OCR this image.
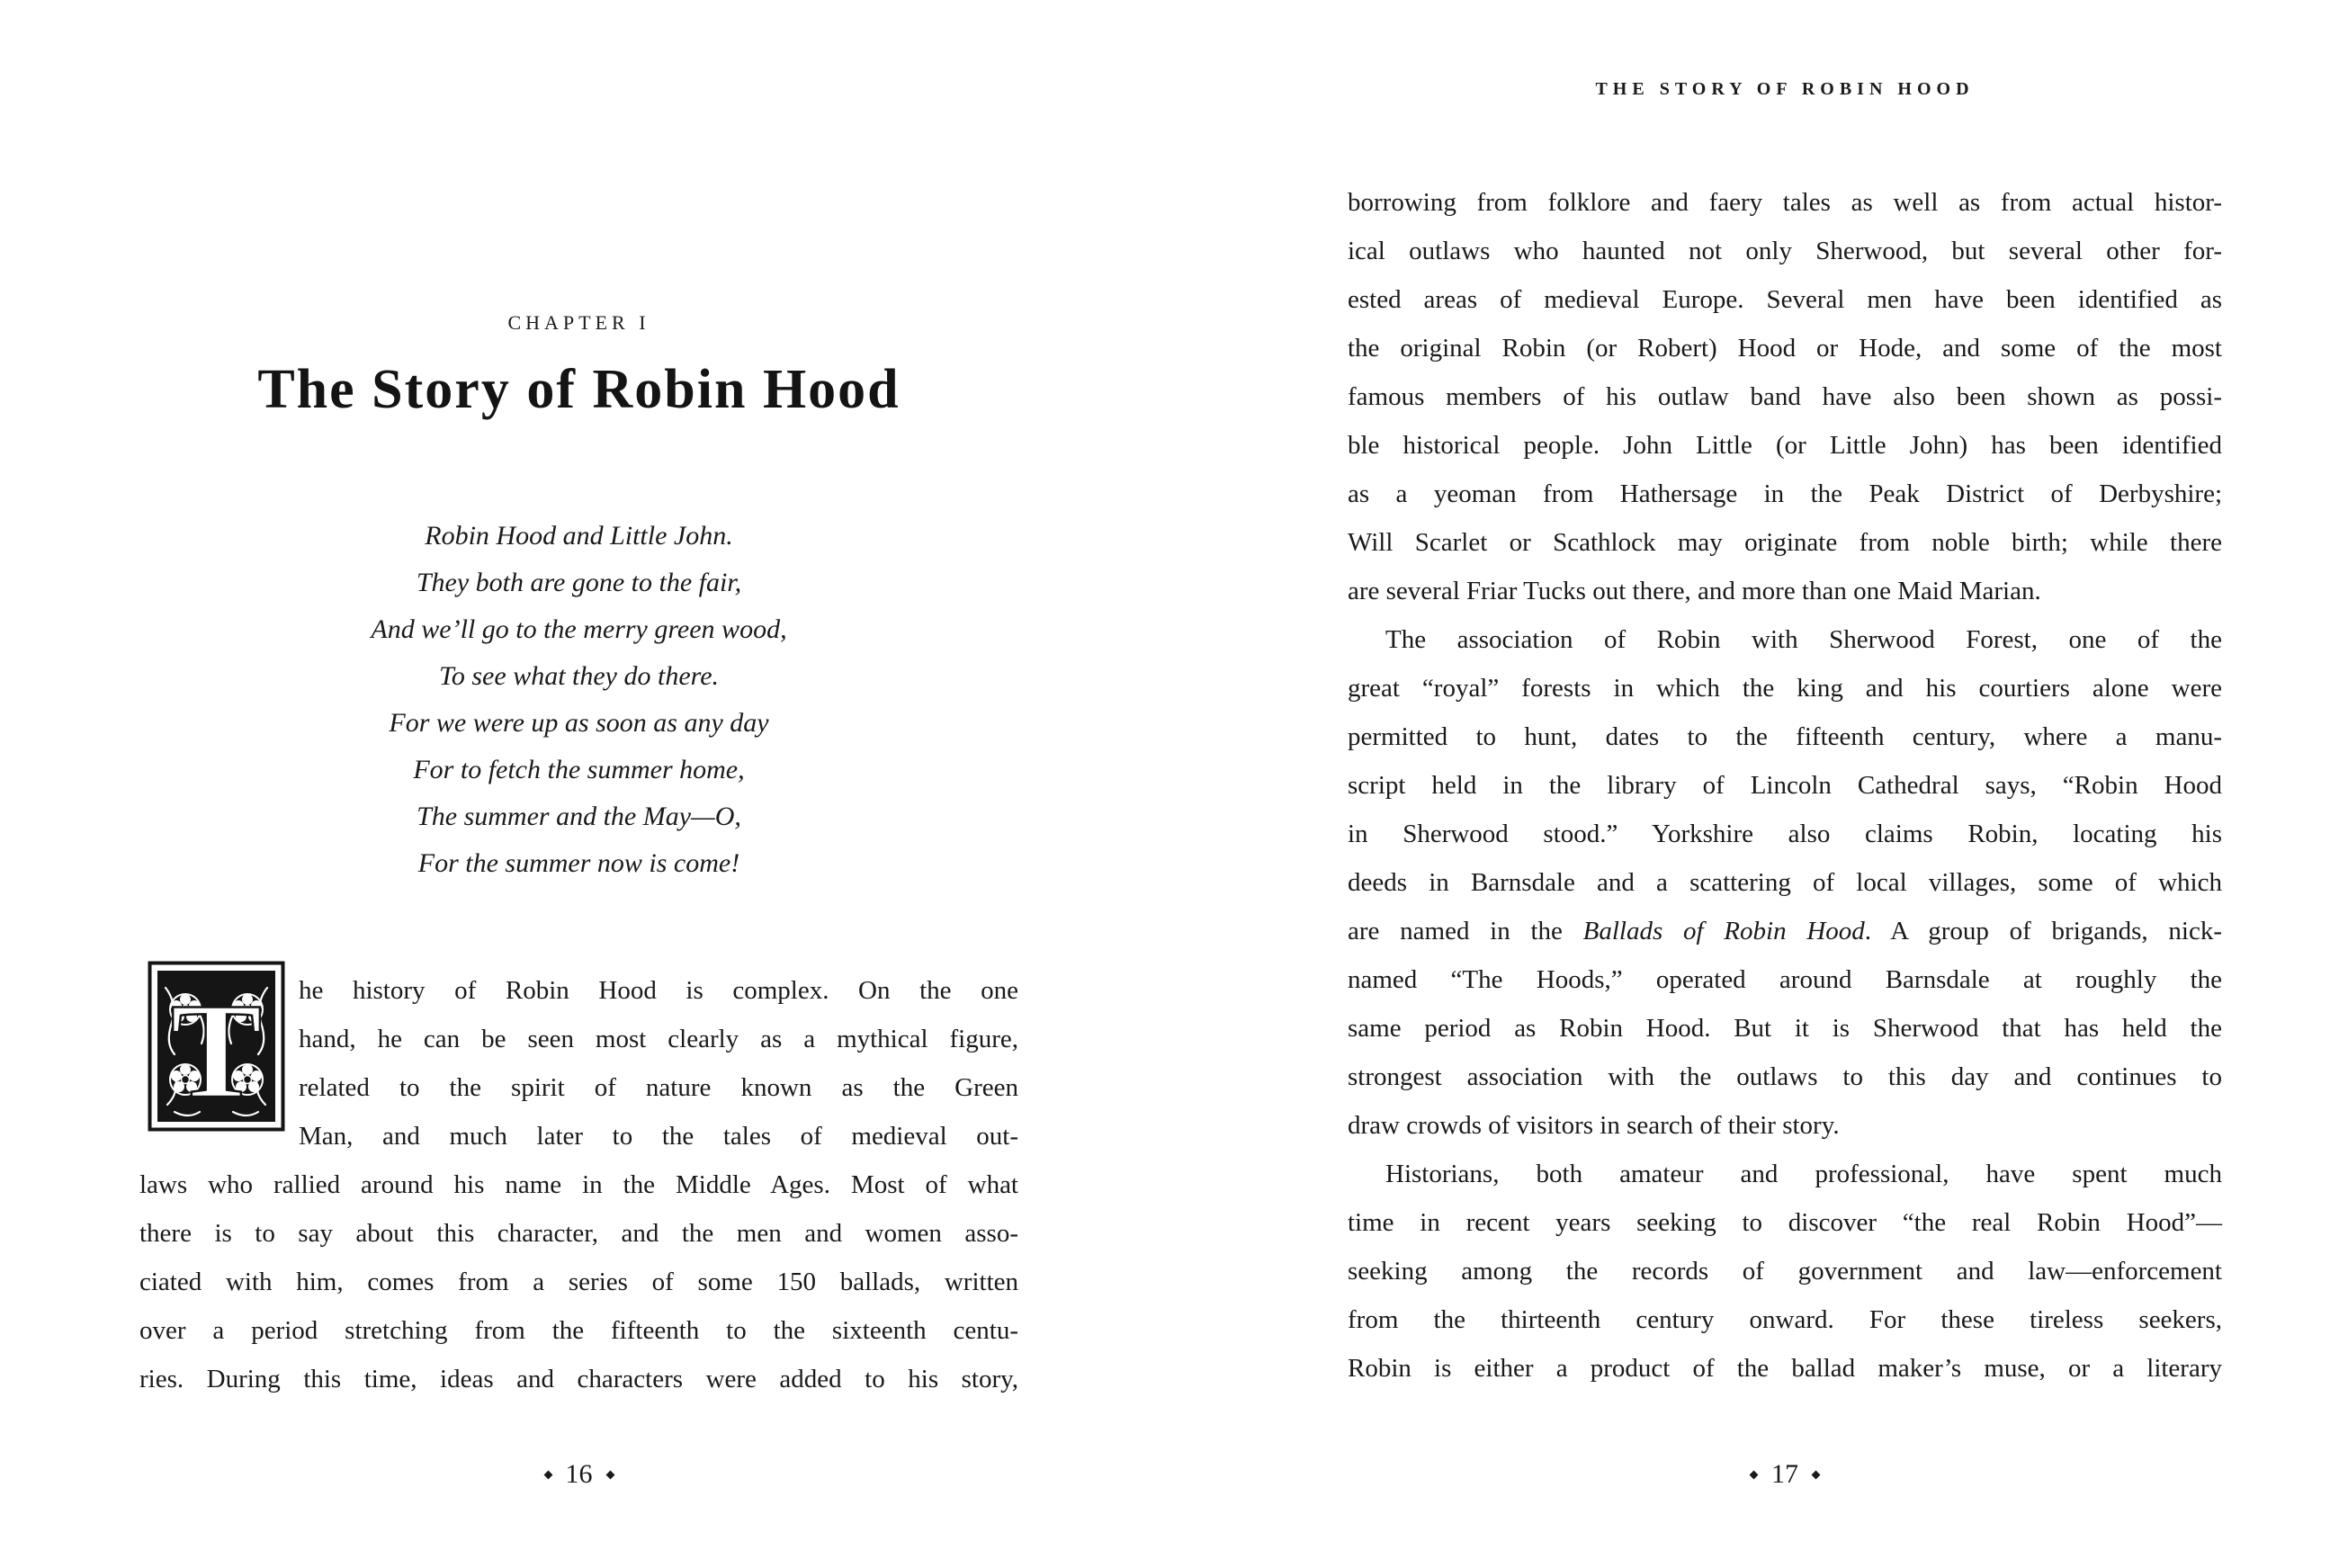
CHAPTER I
The Story of Robin Hood
Robin Hood and Little John.
They both are gone to the fair,
And we’ll go to the merry green wood,
To see what they do there.
For we were up as soon as any day
For to fetch the summer home,
The summer and the May—O,
For the summer now is come!
T he history of Robin Hood is complex. On the one
hand, he can be seen most clearly as a mythical figure,
related to the spirit of nature known as the Green
Man, and much later to the tales of medieval out-
laws who rallied around his name in the Middle Ages. Most of what
there is to say about this character, and the men and women asso-
ciated with him, comes from a series of some 150 ballads, written
over a period stretching from the fifteenth to the sixteenth centu-
ries. During this time, ideas and characters were added to his story,
16
THE STORY OF ROBIN HOOD
borrowing from folklore and faery tales as well as from actual histor-
ical outlaws who haunted not only Sherwood, but several other for-
ested areas of medieval Europe. Several men have been identified as
the original Robin (or Robert) Hood or Hode, and some of the most
famous members of his outlaw band have also been shown as possi-
ble historical people. John Little (or Little John) has been identified
as a yeoman from Hathersage in the Peak District of Derbyshire;
Will Scarlet or Scathlock may originate from noble birth; while there
are several Friar Tucks out there, and more than one Maid Marian.
The association of Robin with Sherwood Forest, one of the
great “royal” forests in which the king and his courtiers alone were
permitted to hunt, dates to the fifteenth century, where a manu-
script held in the library of Lincoln Cathedral says, “Robin Hood
in Sherwood stood.” Yorkshire also claims Robin, locating his
deeds in Barnsdale and a scattering of local villages, some of which
are named in the Ballads of Robin Hood. A group of brigands, nick-
named “The Hoods,” operated around Barnsdale at roughly the
same period as Robin Hood. But it is Sherwood that has held the
strongest association with the outlaws to this day and continues to
draw crowds of visitors in search of their story.
Historians, both amateur and professional, have spent much
time in recent years seeking to discover “the real Robin Hood”—
seeking among the records of government and law—enforcement
from the thirteenth century onward. For these tireless seekers,
Robin is either a product of the ballad maker’s muse, or a literary
17
